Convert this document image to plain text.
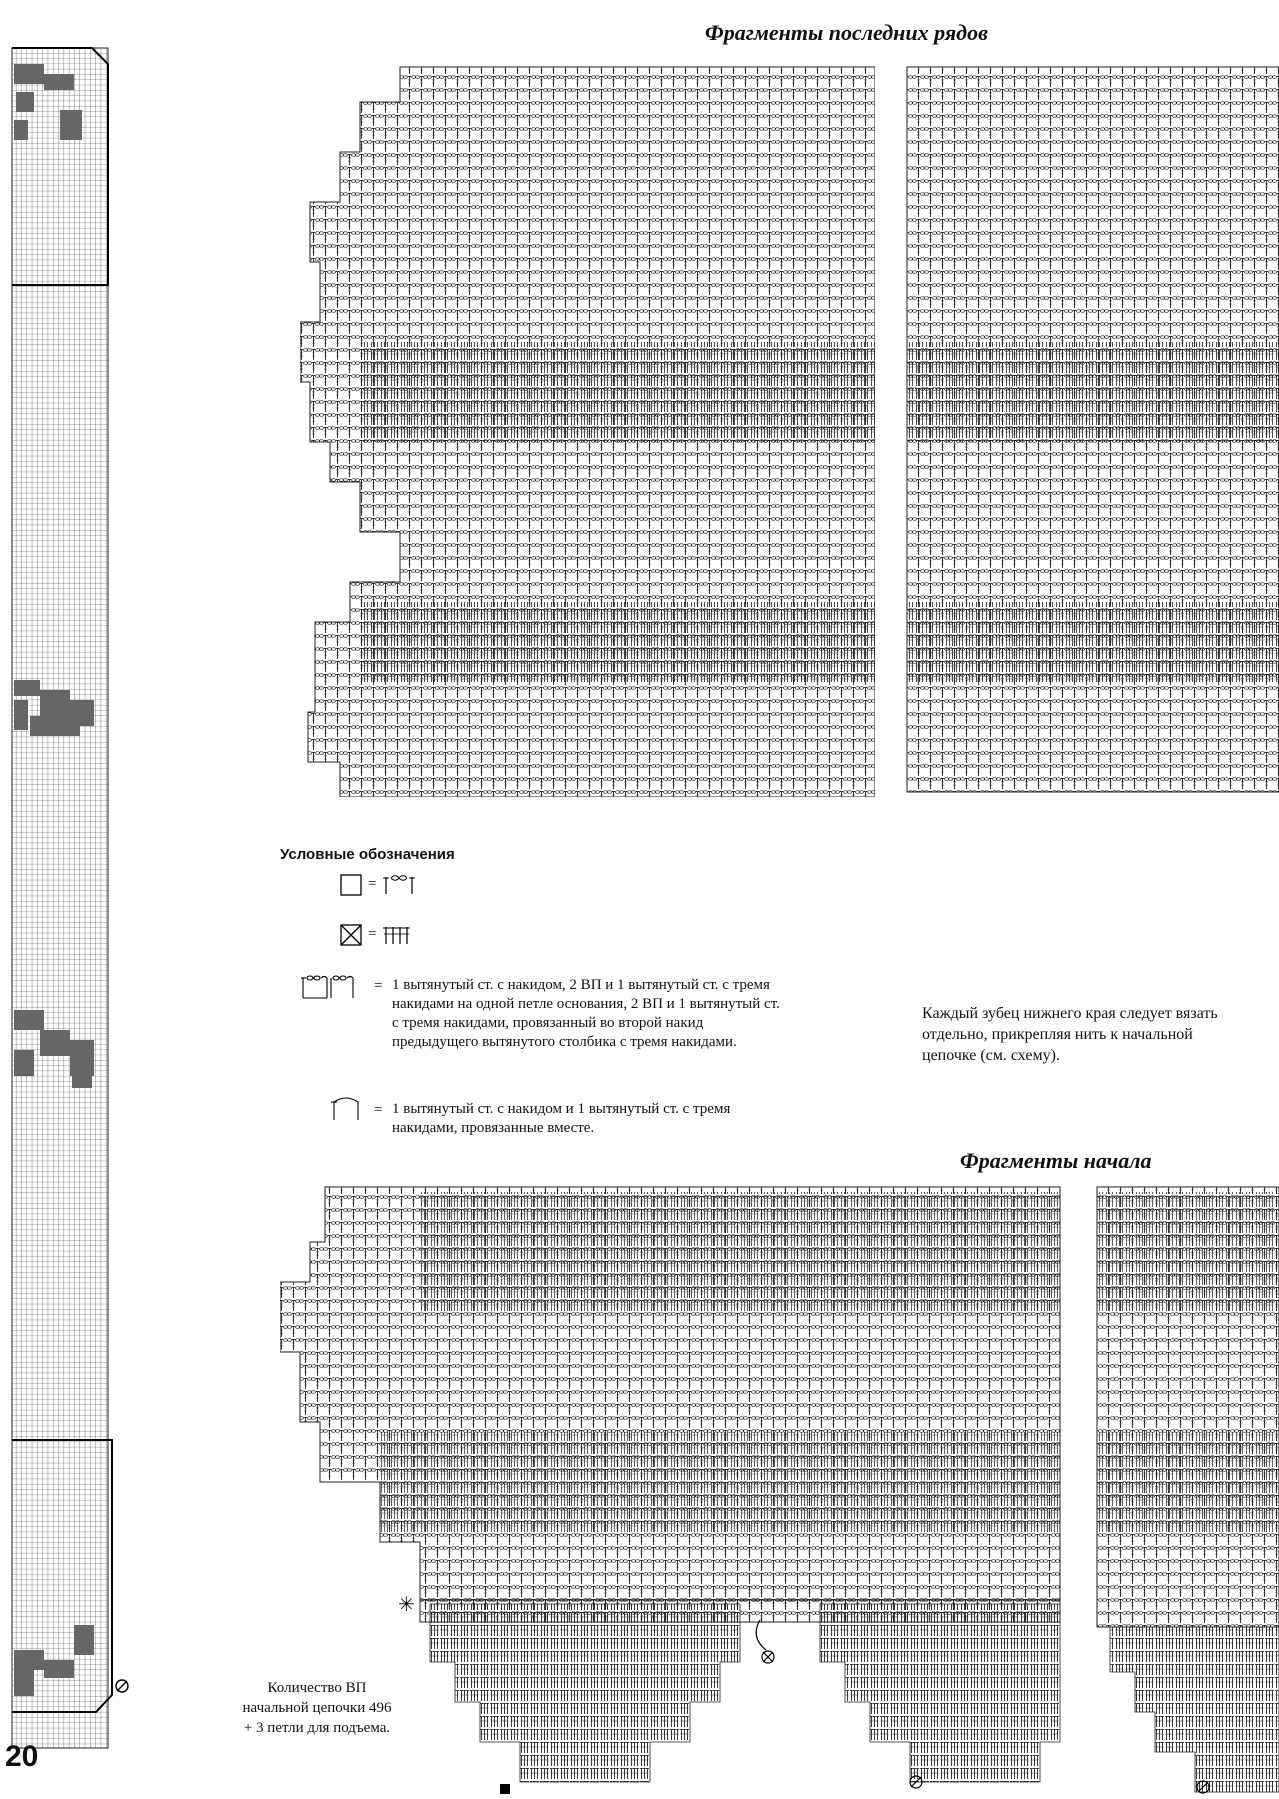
20
Фрагменты последних рядов
Условные обозначения
=
=
= 1 вытянутый ст. с накидом, 2 ВП и 1 вытянутый ст. с тремя накидами на одной петле основания, 2 ВП и 1 вытянутый ст. с тремя накидами, провязанный во второй накид предыдущего вытянутого столбика с тремя накидами.
= 1 вытянутый ст. с накидом и 1 вытянутый ст. с тремя накидами, провязанные вместе.
Каждый зубец нижнего края следует вязать отдельно, прикрепляя нить к начальной цепочке (см. схему).
Фрагменты начала
✳
Количество ВП начальной цепочки 496 + 3 петли для подъема.
